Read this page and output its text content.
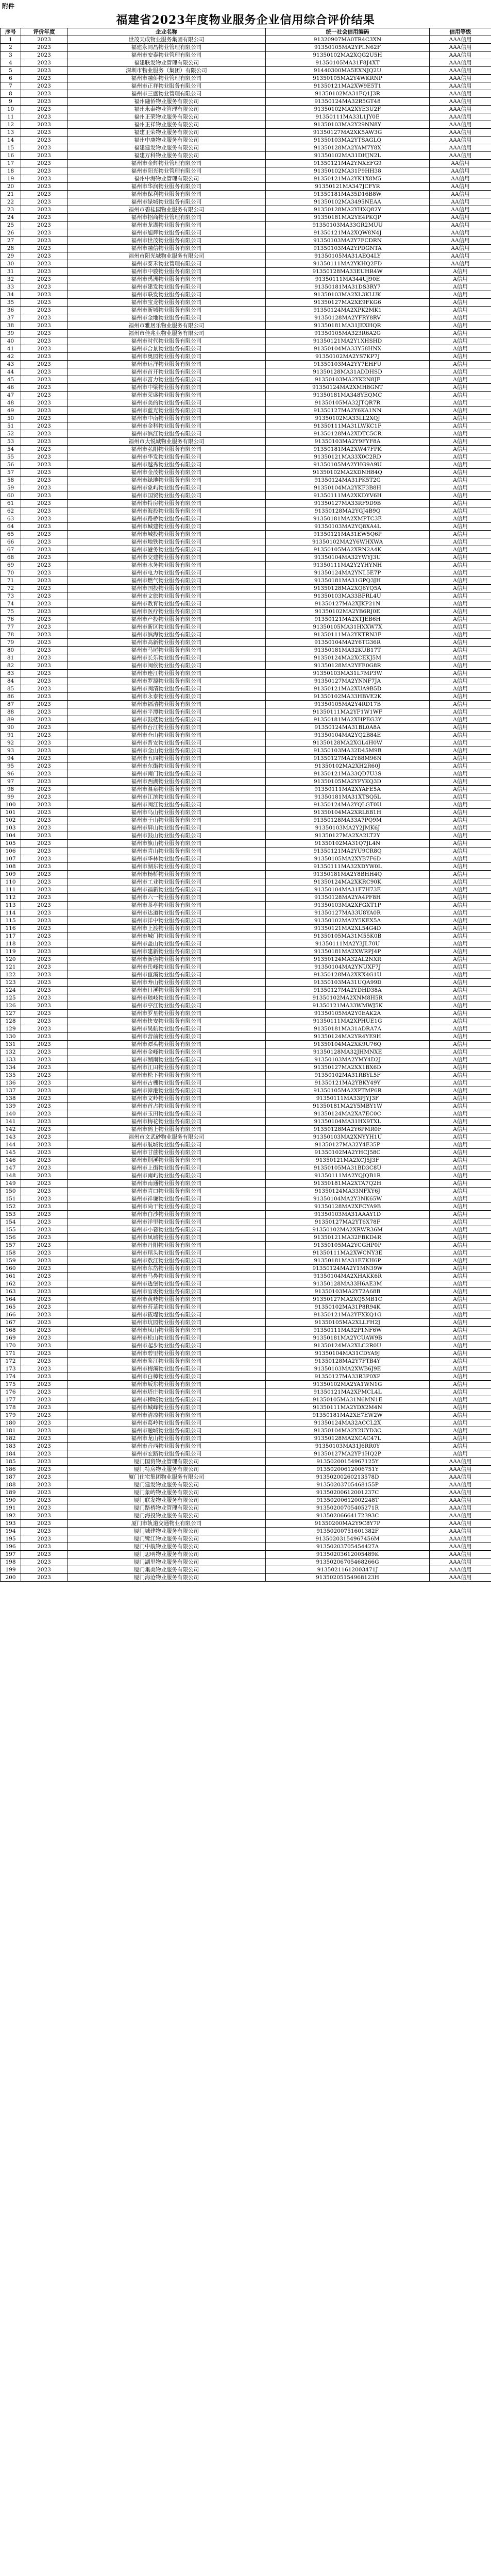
附件
福建省2023年度物业服务企业信用综合评价结果
序号	评价年度	企业名称	统一社会信用编码	信用等级
1	2023	世茂天成物业服务集团有限公司	91320907MA0TR4C3XN	AAA信用
2	2023	福建永同昌物业管理有限公司	91350105MA2YPLN62F	AAA信用
3	2023	福州市安泰物业管理有限公司	91350102MA2XQG2U5H	AAA信用
4	2023	福建联发物业管理有限公司	91350105MA31F8J4XT	AAA信用
5	2023	深圳市物业服务（集团）有限公司	91440300MA5EXNJQ2U	AAA信用
6	2023	福州市融侨物业管理有限公司	91350105MA2Y4WKRNP	AAA信用
7	2023	福州市正祥物业服务有限公司	91350121MA2XW9E5T1	AAA信用
8	2023	福州市三盛物业管理有限公司	91350102MA31FQ1J3R	AAA信用
9	2023	福州融侨物业服务有限公司	91350124MA32R5GT48	AAA信用
10	2023	福州永泰物业管理有限公司	91350102MA2XYE3U2F	AAA信用
11	2023	福州正荣物业服务有限公司	91350111MA33L1JY0E	AAA信用
12	2023	福州正祥物业服务有限公司	91350103MA2Y29NN8Y	AAA信用
13	2023	福建正荣物业服务有限公司	91350127MA2XK5AW3G	AAA信用
14	2023	福州中庚物业服务有限公司	91350103MA2YTSAGLQ	AAA信用
15	2023	福建建发物业服务有限公司	91350128MA2YAM7Y8X	AAA信用
16	2023	福建万科物业服务有限公司	91350102MA31DHJN2L	AAA信用
17	2023	福州市金辉物业管理有限公司	91350121MA2YNXEFG9	AA信用
18	2023	福州市阳光物业管理有限公司	91350102MA31P9HH38	AA信用
19	2023	福州中海物业管理有限公司	91350121MA2YK1X8M5	AA信用
20	2023	福州市华润物业服务有限公司	91350121MA347JCFYR	AA信用
21	2023	福州市保利物业服务有限公司	91350181MA35D16B8W	AA信用
22	2023	福州市绿城物业服务有限公司	91350102MA3495NEAA	AA信用
23	2023	福州市碧桂园物业服务有限公司	91350128MA2YHXQ82Y	AA信用
24	2023	福州市招商物业管理有限公司	91350181MA2YE4PKQP	AA信用
25	2023	福州市龙湖物业服务有限公司	91350103MA33GR2MUU	AA信用
26	2023	福州市旭辉物业服务有限公司	91350121MA2XQW8N4J	AA信用
27	2023	福州市世茂物业服务有限公司	91350103MA2Y7FCDRN	AA信用
28	2023	福州市融信物业服务有限公司	91350103MA2YPDGNTA	AA信用
29	2023	福州市阳光城物业服务有限公司	91350105MA31AEQ4LY	AA信用
30	2023	福州市泰禾物业管理有限公司	91350111MA2YKHQ2FD	AA信用
31	2023	福州市中骏物业服务有限公司	91350128MA33EUHR4W	A信用
32	2023	福州市禹洲物业服务有限公司	91350111MA344UJ90E	A信用
33	2023	福州市建发物业服务有限公司	91350181MA31DS3RY7	A信用
34	2023	福州市联发物业服务有限公司	91350103MA2XL3KLUK	A信用
35	2023	福州市宝龙物业服务有限公司	91350127MA2XE9FKG6	A信用
36	2023	福州市新城物业服务有限公司	91350124MA2XPK2MK1	A信用
37	2023	福州市金地物业服务有限公司	91350128MA2YFRY8RV	A信用
38	2023	福州市雅居乐物业服务有限公司	91350181MA31JEXHQR	A信用
39	2023	福州市佳兆业物业服务有限公司	91350105MA323R6A2G	A信用
40	2023	福州市时代物业服务有限公司	91350121MA2Y1XHSHD	A信用
41	2023	福州市合景物业服务有限公司	91350104MA33Y58HNX	A信用
42	2023	福州市奥园物业服务有限公司	91350102MA2YS7KP7J	A信用
43	2023	福州市远洋物业服务有限公司	91350103MA2YY7EHFU	A信用
44	2023	福州市首开物业服务有限公司	91350128MA31ADDHSD	A信用
45	2023	福州市富力物业服务有限公司	91350103MA2YK2N8JF	A信用
46	2023	福州市中梁物业服务有限公司	91350124MA2XMH8GNT	A信用
47	2023	福州市荣盛物业服务有限公司	91350181MA348YEQMC	A信用
48	2023	福州市美的物业服务有限公司	91350105MA32JTQR7R	A信用
49	2023	福州市蓝光物业服务有限公司	91350127MA2Y6KA1NN	A信用
50	2023	福州市中南物业服务有限公司	91350102MA33LL2XQJ	A信用
51	2023	福州市金科物业服务有限公司	91350111MA31LWKC1F	A信用
52	2023	福州市滨江物业服务有限公司	91350128MA2XDTC5CR	A信用
53	2023	福州市大悦城物业服务有限公司	91350103MA2Y9FYF8A	A信用
54	2023	福州市弘阳物业服务有限公司	91350181MA2XW47FPK	A信用
55	2023	福州市华发物业服务有限公司	91350121MA33X0C2RD	A信用
56	2023	福州市越秀物业服务有限公司	91350105MA2YHG9A9U	A信用
57	2023	福州市金茂物业服务有限公司	91350102MA2XDNH84Q	A信用
58	2023	福州市绿地物业服务有限公司	91350124MA31PK5T2G	A信用
59	2023	福州市象屿物业服务有限公司	91350104MA2YKF3B8H	A信用
60	2023	福州市国贸物业服务有限公司	91350111MA2XKDYV6H	A信用
61	2023	福州市特房物业服务有限公司	91350127MA33RF9D9B	A信用
62	2023	福州市海投物业服务有限公司	91350128MA2YGJ4B9Q	A信用
63	2023	福州市路桥物业服务有限公司	91350181MA2XMPTC3E	A信用
64	2023	福州市城建物业服务有限公司	91350103MA2YQ8XA4L	A信用
65	2023	福州市城投物业服务有限公司	91350121MA31EW5Q6P	A信用
66	2023	福州市地铁物业服务有限公司	91350102MA2Y6WHXWA	A信用
67	2023	福州市港务物业服务有限公司	91350105MA2XRN2A4K	A信用
68	2023	福州市交建物业服务有限公司	91350104MA32YWYJ3U	A信用
69	2023	福州市水务物业服务有限公司	91350111MA2Y2YHYNH	A信用
70	2023	福州市电力物业服务有限公司	91350124MA2YNL5E7P	A信用
71	2023	福州市燃气物业服务有限公司	91350181MA31GPQ3JH	A信用
72	2023	福州市国投物业服务有限公司	91350128MA2XQ6YQ5A	A信用
73	2023	福州市文旅物业服务有限公司	91350103MA33BFRL4U	A信用
74	2023	福州市教育物业服务有限公司	91350127MA2XJKP21N	A信用
75	2023	福州市医疗物业服务有限公司	91350102MA2YB6RJ0E	A信用
76	2023	福州市产投物业服务有限公司	91350121MA2XTJEB6H	A信用
77	2023	福州市新区物业服务有限公司	91350105MA31HXXW7X	A信用
78	2023	福州市滨海物业服务有限公司	91350111MA2YKTRN3F	A信用
79	2023	福州市高新物业服务有限公司	91350104MA2Y6TG36R	A信用
80	2023	福州市马尾物业服务有限公司	91350181MA32KUB17T	A信用
81	2023	福州市长乐物业服务有限公司	91350124MA2XCEKJ5M	A信用
82	2023	福州市闽侯物业服务有限公司	91350128MA2YFE0G8R	A信用
83	2023	福州市连江物业服务有限公司	91350103MA31L7MP3W	A信用
84	2023	福州市罗源物业服务有限公司	91350127MA2YNNF7JA	A信用
85	2023	福州市闽清物业服务有限公司	91350121MA2XUA9B5D	A信用
86	2023	福州市永泰物业服务有限公司	91350102MA33HBVE2K	A信用
87	2023	福州市福清物业服务有限公司	91350105MA2Y4RD17B	A信用
88	2023	福州市平潭物业服务有限公司	91350111MA2YF1W1WF	A信用
89	2023	福州市鼓楼物业服务有限公司	91350181MA2XHPEG3Y	A信用
90	2023	福州市台江物业服务有限公司	91350124MA31BL0A8A	A信用
91	2023	福州市仓山物业服务有限公司	91350104MA2YQ2B84E	A信用
92	2023	福州市晋安物业服务有限公司	91350128MA2XGL4H0W	A信用
93	2023	福州市金山物业服务有限公司	91350103MA32D45M9B	A信用
94	2023	福州市五四物业服务有限公司	91350127MA2Y88M96N	A信用
95	2023	福州市东街物业服务有限公司	91350102MA2XH2R60J	A信用
96	2023	福州市南门物业服务有限公司	91350121MA33QD7U3S	A信用
97	2023	福州市西湖物业服务有限公司	91350105MA2YPYKQ3D	A信用
98	2023	福州市温泉物业服务有限公司	91350111MA2XYAFE5A	A信用
99	2023	福州市江滨物业服务有限公司	91350181MA31XTSQ5L	A信用
100	2023	福州市闽江物业服务有限公司	91350124MA2YQLGT0U	A信用
101	2023	福州市乌山物业服务有限公司	91350104MA2XRL8B1H	A信用
102	2023	福州市于山物业服务有限公司	91350128MA33A7PQ9M	A信用
103	2023	福州市屏山物业服务有限公司	91350103MA2Y2JMK6J	A信用
104	2023	福州市鼓山物业服务有限公司	91350127MA2XA2LT2Y	A信用
105	2023	福州市旗山物业服务有限公司	91350102MA31Q7JL4N	A信用
106	2023	福州市青山物业服务有限公司	91350121MA2YU9CR8Q	A信用
107	2023	福州市华林物业服务有限公司	91350105MA2XYB7F6D	A信用
108	2023	福州市湖东物业服务有限公司	91350111MA32XDYW0L	A信用
109	2023	福州市杨桥物业服务有限公司	91350181MA2Y8BHH4Q	A信用
110	2023	福州市工业物业服务有限公司	91350124MA2XKRC90K	A信用
111	2023	福州市福新物业服务有限公司	91350104MA31F7H73E	A信用
112	2023	福州市六一物业服务有限公司	91350128MA2YA4PF8H	A信用
113	2023	福州市茶亭物业服务有限公司	91350103MA2XFGXT1P	A信用
114	2023	福州市达道物业服务有限公司	91350127MA33U8YA0R	A信用
115	2023	福州市洋中物业服务有限公司	91350102MA2Y5KEX5A	A信用
116	2023	福州市上渡物业服务有限公司	91350121MA2XL54G4D	A信用
117	2023	福州市城门物业服务有限公司	91350105MA31M55K0B	A信用
118	2023	福州市盖山物业服务有限公司	91350111MA2Y3JL70U	A信用
119	2023	福州市建新物业服务有限公司	91350181MA2XWRPJ4P	A信用
120	2023	福州市新店物业服务有限公司	91350124MA32AL2NXR	A信用
121	2023	福州市岳峰物业服务有限公司	91350104MA2YNUXF7J	A信用
122	2023	福州市宦溪物业服务有限公司	91350128MA2XKX4G1U	A信用
123	2023	福州市寿山物业服务有限公司	91350103MA31UQA99D	A信用
124	2023	福州市日溪物业服务有限公司	91350127MA2YDHD38A	A信用
125	2023	福州市琅岐物业服务有限公司	91350102MA2XNM8H5R	A信用
126	2023	福州市亭江物业服务有限公司	91350121MA33WMWJ5K	A信用
127	2023	福州市罗星物业服务有限公司	91350105MA2Y0EAK2A	A信用
128	2023	福州市快安物业服务有限公司	91350111MA2XPHUE1G	A信用
129	2023	福州市吴航物业服务有限公司	91350181MA31ADRA7A	A信用
130	2023	福州市营前物业服务有限公司	91350124MA2YR4YE9H	A信用
131	2023	福州市潭头物业服务有限公司	91350104MA2XK9U76Q	A信用
132	2023	福州市金峰物业服务有限公司	91350128MA32JHMNXE	A信用
133	2023	福州市湖南物业服务有限公司	91350103MA2YMY4D2J	A信用
134	2023	福州市江田物业服务有限公司	91350127MA2XX1BX6D	A信用
135	2023	福州市松下物业服务有限公司	91350102MA31RBYL5F	A信用
136	2023	福州市古槐物业服务有限公司	91350121MA2YBKY49Y	A信用
137	2023	福州市漳港物业服务有限公司	91350105MA2XPTMP6R	A信用
138	2023	福州市文岭物业服务有限公司	91350111MA33PJYJ3F	A信用
139	2023	福州市首占物业服务有限公司	91350181MA2Y5MBY1W	A信用
140	2023	福州市玉田物业服务有限公司	91350124MA2XA7EC0C	A信用
141	2023	福州市梅花物业服务有限公司	91350104MA31HX9TXL	A信用
142	2023	福州市鹤上物业服务有限公司	91350128MA2Y6PMR0F	A信用
143	2023	福州市文武砂物业服务有限公司	91350103MA2XNYYH1U	A信用
144	2023	福州市航城物业服务有限公司	91350127MA32Y4E35P	A信用
145	2023	福州市甘蔗物业服务有限公司	91350102MA2YHCJ58C	A信用
146	2023	福州市荆溪物业服务有限公司	91350121MA2XCJ5J3F	A信用
147	2023	福州市上街物业服务有限公司	91350105MA31BD3C8U	A信用
148	2023	福州市南屿物业服务有限公司	91350111MA2YQJQB1R	A信用
149	2023	福州市南通物业服务有限公司	91350181MA2XTA7Q2H	A信用
150	2023	福州市青口物业服务有限公司	91350124MA33NFXY6J	A信用
151	2023	福州市祥谦物业服务有限公司	91350104MA2Y3NK65W	A信用
152	2023	福州市尚干物业服务有限公司	91350128MA2XFCYA9B	A信用
153	2023	福州市白沙物业服务有限公司	91350103MA31AAAY1D	A信用
154	2023	福州市洋里物业服务有限公司	91350127MA2YT6X78F	A信用
155	2023	福州市小箬物业服务有限公司	91350102MA2XRWR36M	A信用
156	2023	福州市凤城物业服务有限公司	91350121MA32FBKD4R	A信用
157	2023	福州市丹阳物业服务有限公司	91350105MA2YCGHP0P	A信用
158	2023	福州市琯头物业服务有限公司	91350111MA2XWCNY3E	A信用
159	2023	福州市敖江物业服务有限公司	91350181MA31E7KH6P	A信用
160	2023	福州市东岱物业服务有限公司	91350124MA2Y1MN39W	A信用
161	2023	福州市马鼻物业服务有限公司	91350104MA2XHAKK6R	A信用
162	2023	福州市透堡物业服务有限公司	91350128MA33H6AE3M	A信用
163	2023	福州市官坂物业服务有限公司	91350103MA2Y72A68B	A信用
164	2023	福州市黄岐物业服务有限公司	91350127MA2XQ5MB1C	A信用
165	2023	福州市苔菉物业服务有限公司	91350102MA31P8R94K	A信用
166	2023	福州市筱埕物业服务有限公司	91350121MA2YFXKQ1G	A信用
167	2023	福州市坑园物业服务有限公司	91350105MA2XLLFH2J	A信用
168	2023	福州市凤山物业服务有限公司	91350111MA32P1NF6W	A信用
169	2023	福州市松山物业服务有限公司	91350181MA2YCUAW9B	A信用
170	2023	福州市起步物业服务有限公司	91350124MA2XLC2R0U	A信用
171	2023	福州市碧里物业服务有限公司	91350104MA31CDYA9J	A信用
172	2023	福州市鉴江物业服务有限公司	91350128MA2Y7FTB4Y	A信用
173	2023	福州市梅溪物业服务有限公司	91350103MA2XWB6J9E	A信用
174	2023	福州市白樟物业服务有限公司	91350127MA33R3P0XP	A信用
175	2023	福州市坂东物业服务有限公司	91350102MA2YA1WN1G	A信用
176	2023	福州市塔庄物业服务有限公司	91350121MA2XPMCL4L	A信用
177	2023	福州市樟城物业服务有限公司	91350105MA31N6MN1E	A信用
178	2023	福州市城峰物业服务有限公司	91350111MA2YDX2M4N	A信用
179	2023	福州市清凉物业服务有限公司	91350181MA2XE7EW2W	A信用
180	2023	福州市葛岭物业服务有限公司	91350124MA32ACCL2X	A信用
181	2023	福州市融城物业服务有限公司	91350104MA2Y2UYD3C	A信用
182	2023	福州市龙山物业服务有限公司	91350128MA2XCAC47L	A信用
183	2023	福州市音西物业服务有限公司	91350103MA31J6RR0Y	A信用
184	2023	福州市宏路物业服务有限公司	91350127MA2YP1HQ2P	A信用
185	2023	厦门国贸物业管理有限公司	91350200154967125Y	AAA信用
186	2023	厦门特房物业服务有限公司	91350200612006751Y	AAA信用
187	2023	厦门住宅集团物业服务有限公司	91350200260213578D	AAA信用
188	2023	厦门建发物业服务有限公司	91350203705468155P	AAA信用
189	2023	厦门象屿物业服务有限公司	91350200612001237C	AAA信用
190	2023	厦门联发物业服务有限公司	91350200612002248T	AAA信用
191	2023	厦门路桥物业管理有限公司	91350200705405271R	AAA信用
192	2023	厦门海投物业服务有限公司	91350206664172393C	AAA信用
193	2023	厦门市轨道交通物业有限公司	91350200MA2Y9C8Y7P	AAA信用
194	2023	厦门城建物业服务有限公司	91350200751601382F	AAA信用
195	2023	厦门鹭江物业服务有限公司	91350203154967456M	AAA信用
196	2023	厦门中航物业服务有限公司	91350203705454427A	AAA信用
197	2023	厦门思明物业服务有限公司	91350203612005489K	AAA信用
198	2023	厦门湖里物业服务有限公司	91350206705468266G	AAA信用
199	2023	厦门集美物业服务有限公司	91350211612003471J	AAA信用
200	2023	厦门海沧物业服务有限公司	91350205154968123H	AAA信用
